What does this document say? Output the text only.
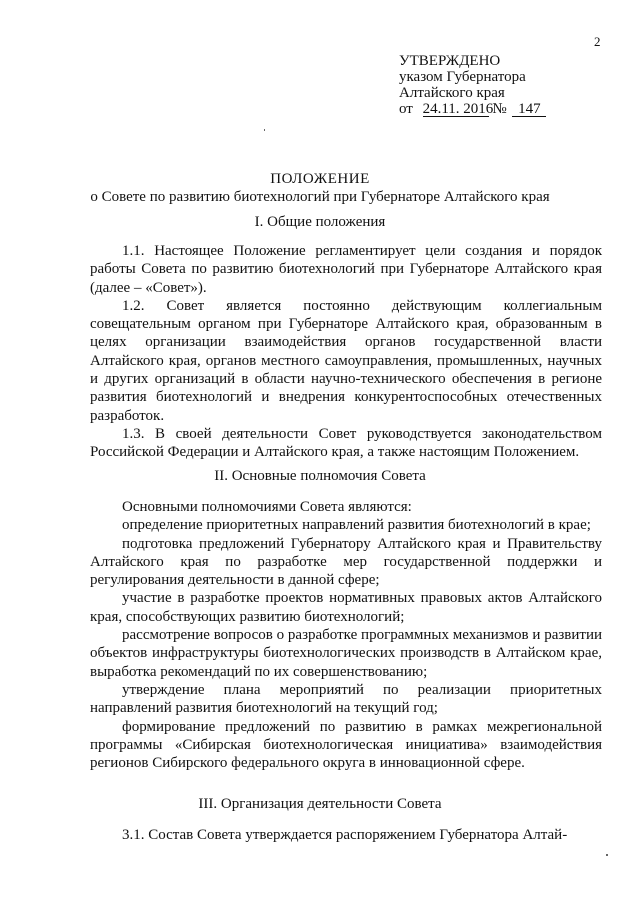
2
УТВЕРЖДЕНО
указом Губернатора
Алтайского края
от 24.11. 2016 № 147
ПОЛОЖЕНИЕ
о Совете по развитию биотехнологий при Губернаторе Алтайского края
I. Общие положения

1.1. Настоящее Положение регламентирует цели создания и порядок работы Совета по развитию биотехнологий при Губернаторе Алтайского края (далее – «Совет»).

1.2. Совет является постоянно действующим коллегиальным совещательным органом при Губернаторе Алтайского края, образованным в целях организации взаимодействия органов государственной власти Алтайского края, органов местного самоуправления, промышленных, научных и других организаций в области научно-технического обеспечения в регионе развития биотехнологий и внедрения конкурентоспособных отечественных разработок.

1.3. В своей деятельности Совет руководствуется законодательством Российской Федерации и Алтайского края, а также настоящим Положением.

II. Основные полномочия Совета

Основными полномочиями Совета являются:

определение приоритетных направлений развития биотехнологий в крае;

подготовка предложений Губернатору Алтайского края и Правительству Алтайского края по разработке мер государственной поддержки и регулирования деятельности в данной сфере;

участие в разработке проектов нормативных правовых актов Алтайского края, способствующих развитию биотехнологий;

рассмотрение вопросов о разработке программных механизмов и развитии объектов инфраструктуры биотехнологических производств в Алтайском крае, выработка рекомендаций по их совершенствованию;

утверждение плана мероприятий по реализации приоритетных направлений развития биотехнологий на текущий год;

формирование предложений по развитию в рамках межрегиональной программы «Сибирская биотехнологическая инициатива» взаимодействия регионов Сибирского федерального округа в инновационной сфере.

III. Организация деятельности Совета

3.1. Состав Совета утверждается распоряжением Губернатора Алтай-
